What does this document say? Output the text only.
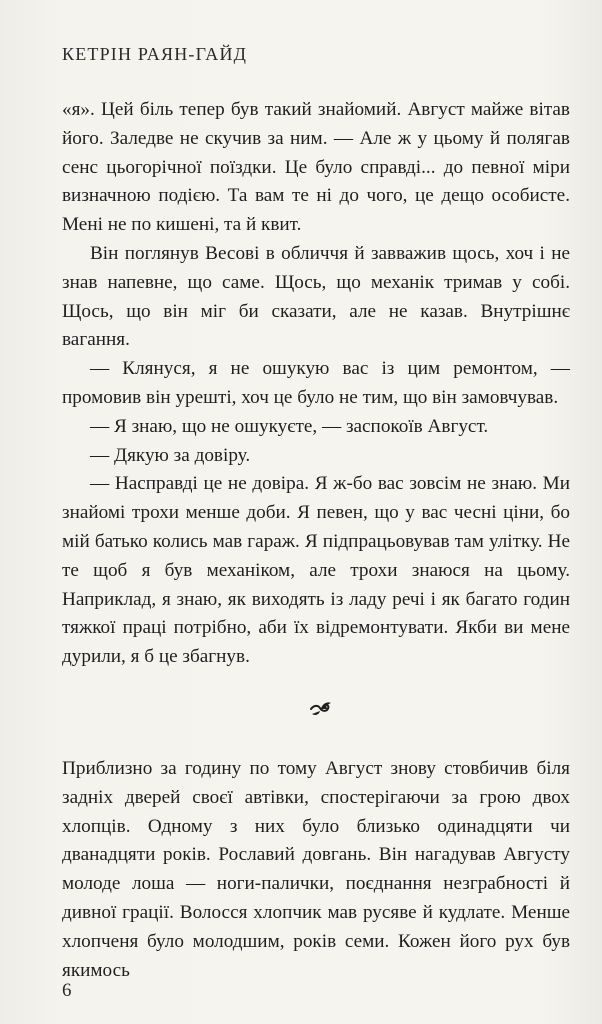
КЕТРІН РАЯН-ГАЙД

«я». Цей біль тепер був такий знайомий. Август майже вітав його. Заледве не скучив за ним. — Але ж у цьому й полягав сенс цьогорічної поїздки. Це було справді... до певної міри визначною подією. Та вам те ні до чого, це дещо особисте. Мені не по кишені, та й квит.

Він поглянув Весові в обличчя й завважив щось, хоч і не знав напевне, що саме. Щось, що механік тримав у собі. Щось, що він міг би сказати, але не казав. Внутрішнє вагання.

— Клянуся, я не ошукую вас із цим ремонтом, — промовив він урешті, хоч це було не тим, що він замовчував.

— Я знаю, що не ошукуєте, — заспокоїв Август.

— Дякую за довіру.

— Насправді це не довіра. Я ж-бо вас зовсім не знаю. Ми знайомі трохи менше доби. Я певен, що у вас чесні ціни, бо мій батько колись мав гараж. Я підпрацьовував там улітку. Не те щоб я був механіком, але трохи знаюся на цьому. Наприклад, я знаю, як виходять із ладу речі і як багато годин тяжкої праці потрібно, аби їх відремонтувати. Якби ви мене дурили, я б це збагнув.

Приблизно за годину по тому Август знову стовбичив біля задніх дверей своєї автівки, спостерігаючи за грою двох хлопців. Одному з них було близько одинадцяти чи дванадцяти років. Рославий довгань. Він нагадував Августу молоде лоша — ноги-палички, поєднання незграбності й дивної грації. Волосся хлопчик мав русяве й кудлате. Менше хлопченя було молодшим, років семи. Кожен його рух був якимось

6
